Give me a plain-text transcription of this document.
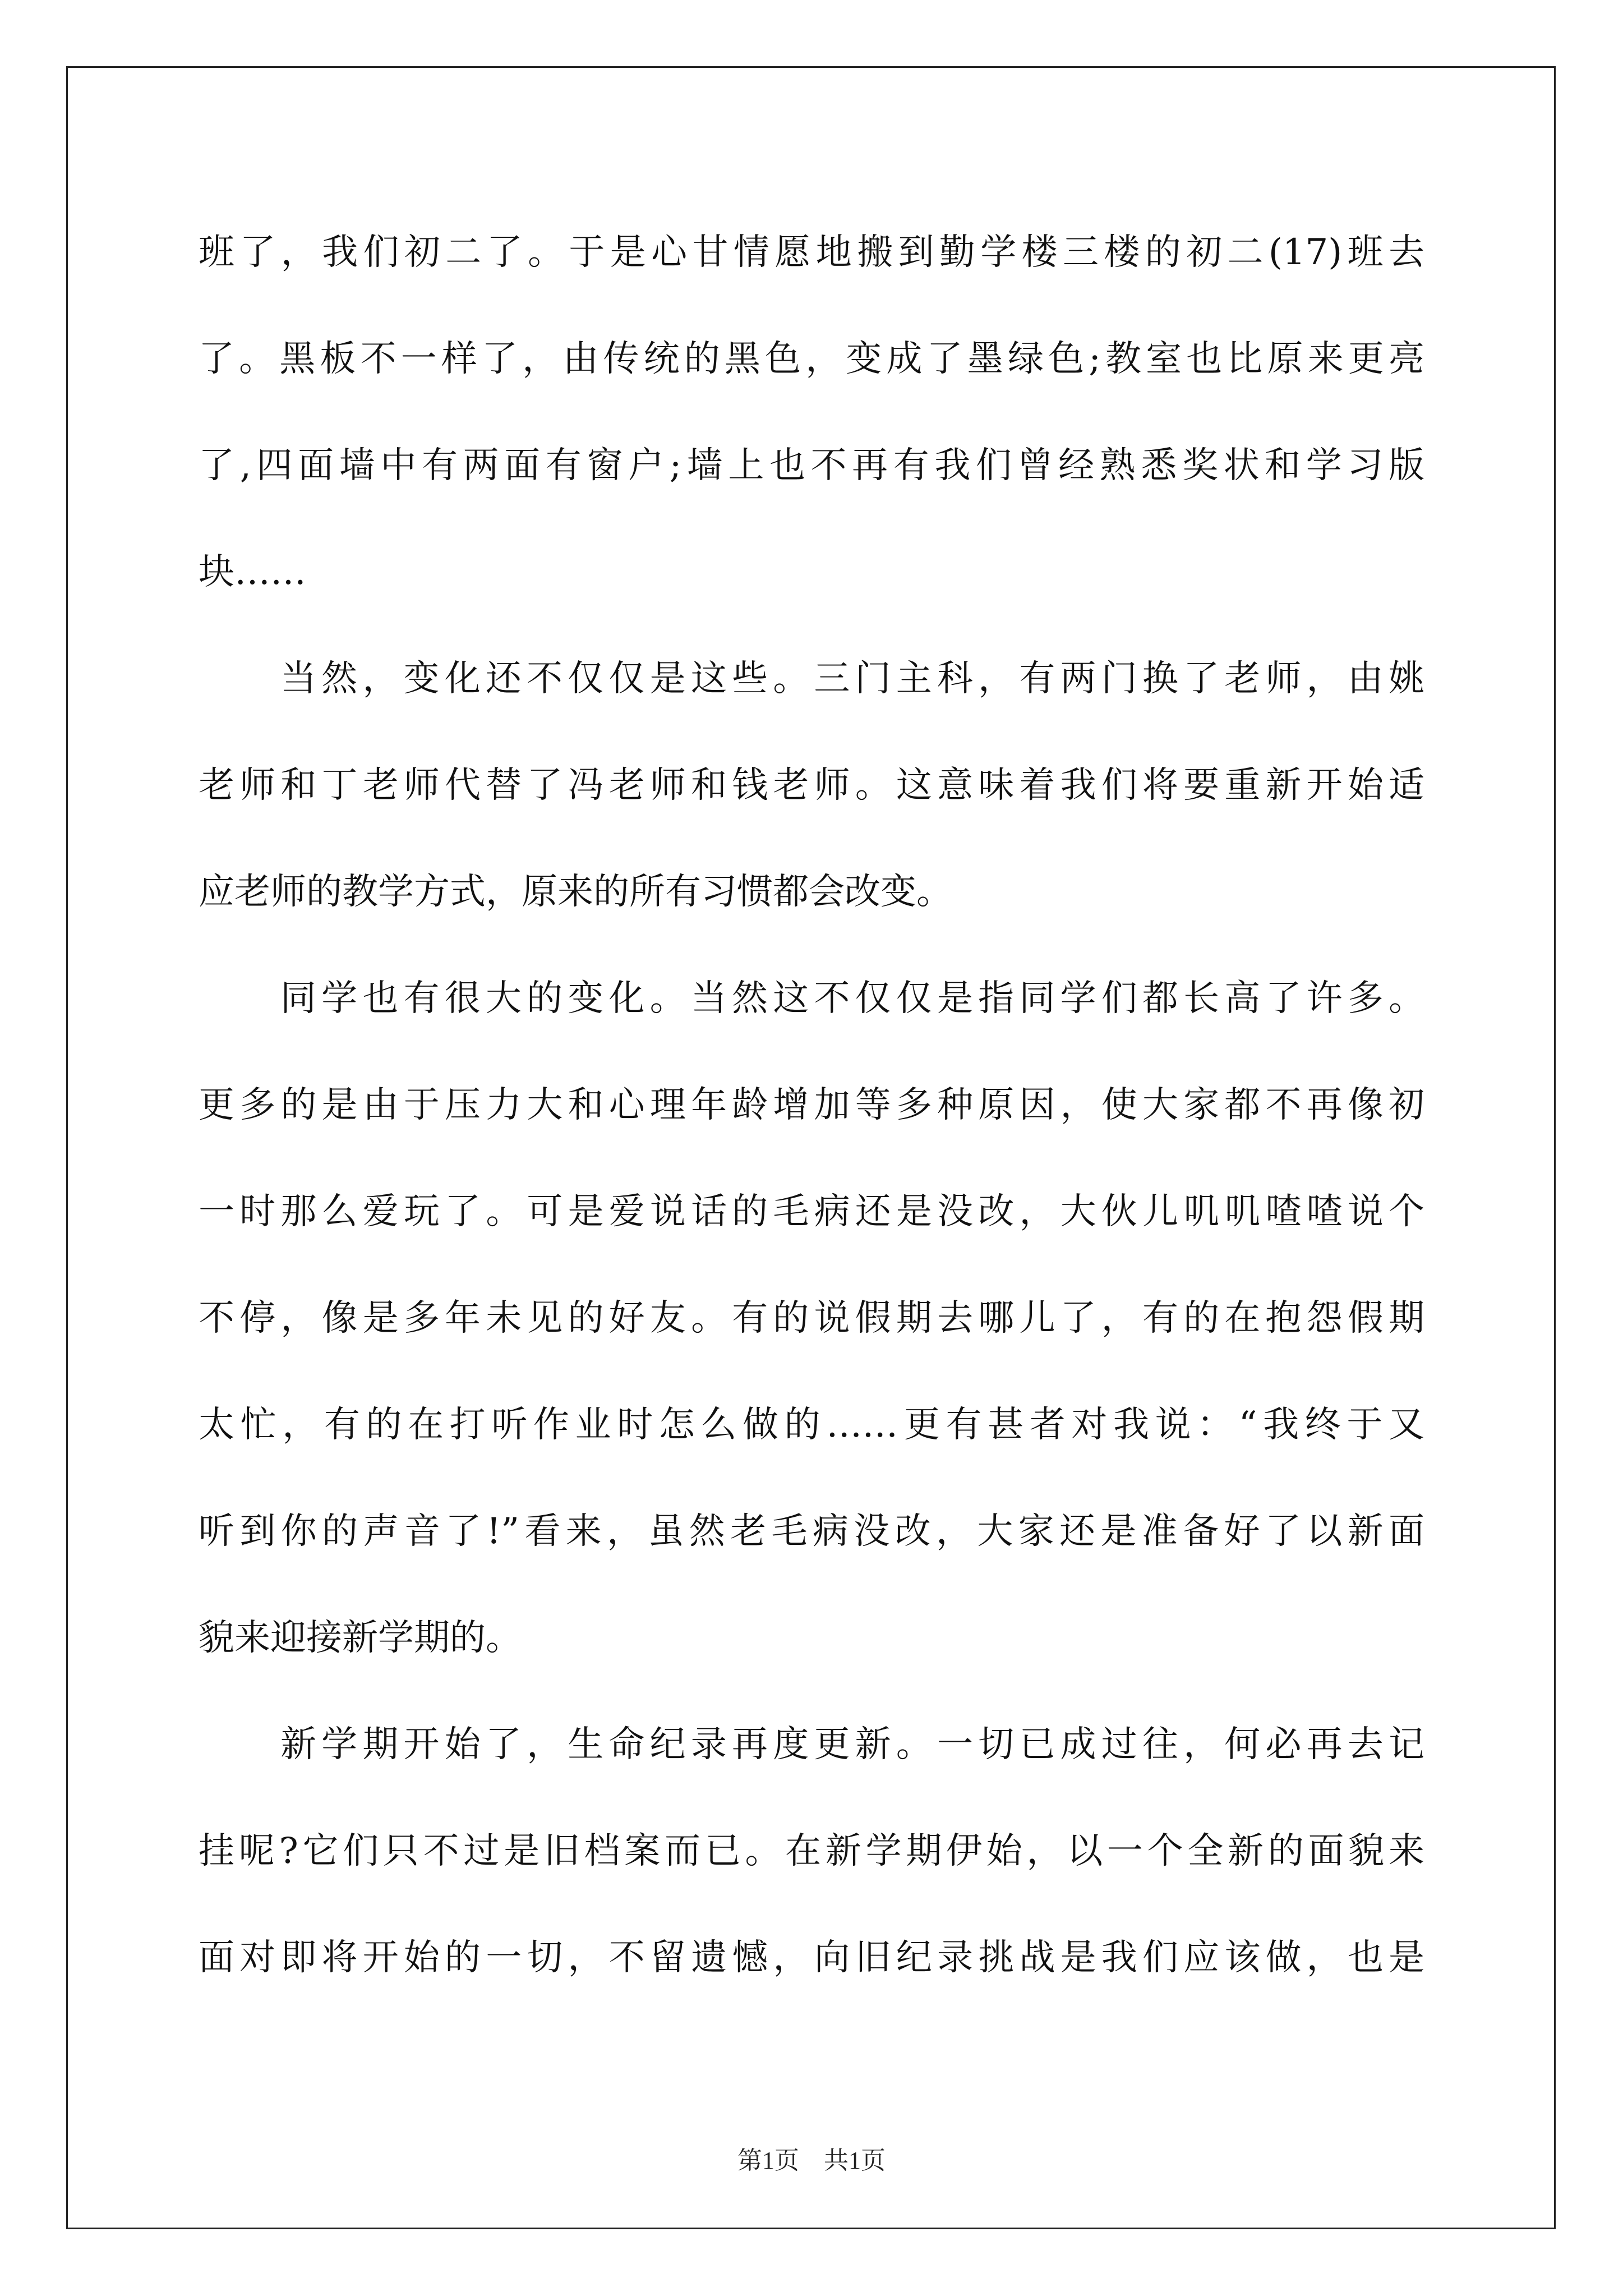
班了，我们初二了。于是心甘情愿地搬到勤学楼三楼的初二(17)班去
了。黑板不一样了，由传统的黑色，变成了墨绿色;教室也比原来更亮
了,四面墙中有两面有窗户;墙上也不再有我们曾经熟悉奖状和学习版
块……
当然，变化还不仅仅是这些。三门主科，有两门换了老师，由姚
老师和丁老师代替了冯老师和钱老师。这意味着我们将要重新开始适
应老师的教学方式，原来的所有习惯都会改变。
同学也有很大的变化。当然这不仅仅是指同学们都长高了许多。
更多的是由于压力大和心理年龄增加等多种原因，使大家都不再像初
一时那么爱玩了。可是爱说话的毛病还是没改，大伙儿叽叽喳喳说个
不停，像是多年未见的好友。有的说假期去哪儿了，有的在抱怨假期
太忙，有的在打听作业时怎么做的……更有甚者对我说：“我终于又
听到你的声音了!”看来，虽然老毛病没改，大家还是准备好了以新面
貌来迎接新学期的。
新学期开始了，生命纪录再度更新。一切已成过往，何必再去记
挂呢?它们只不过是旧档案而已。在新学期伊始，以一个全新的面貌来
面对即将开始的一切，不留遗憾，向旧纪录挑战是我们应该做，也是
第1页　共1页
